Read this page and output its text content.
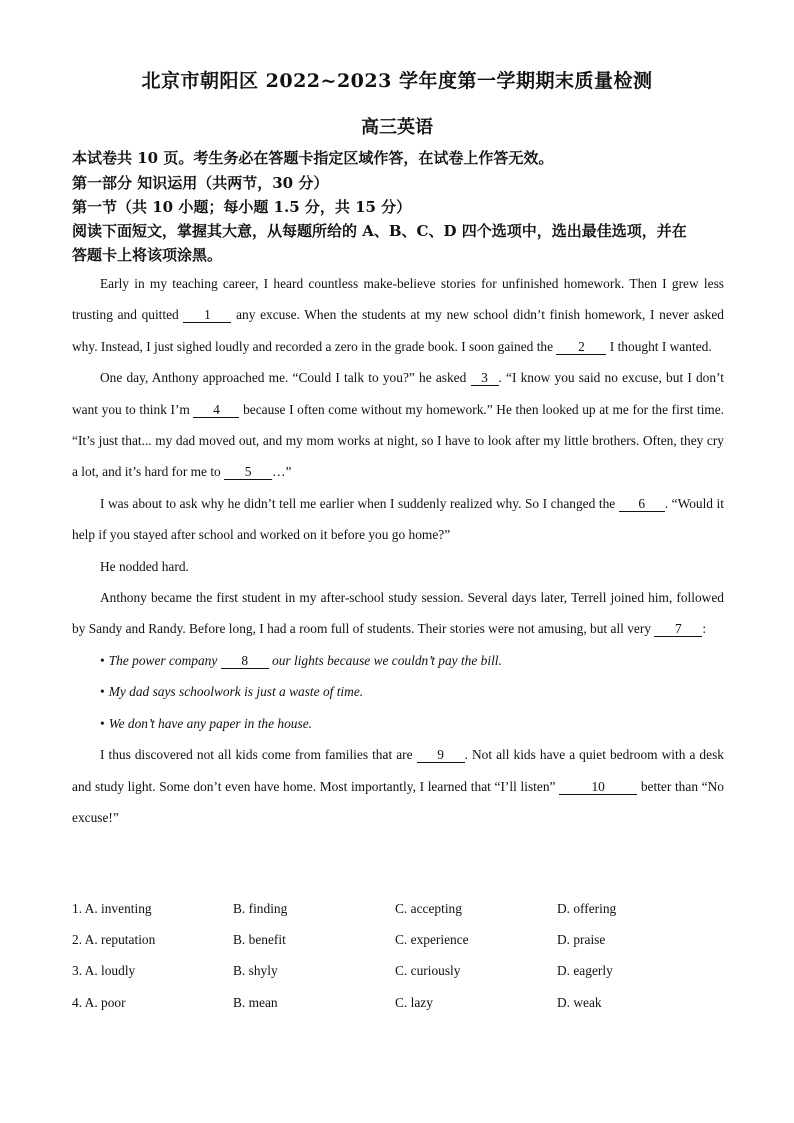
北京市朝阳区 2022~2023 学年度第一学期期末质量检测
高三英语
本试卷共 10 页。考生务必在答题卡指定区域作答，在试卷上作答无效。
第一部分 知识运用（共两节，30 分）
第一节（共 10 小题；每小题 1.5 分，共 15 分）
阅读下面短文，掌握其大意，从每题所给的 A、B、C、D 四个选项中，选出最佳选项，并在
答题卡上将该项涂黑。

Early in my teaching career, I heard countless make-believe stories for unfinished homework. Then I grew less trusting and quitted 1 any excuse. When the students at my new school didn’t finish homework, I never asked why. Instead, I just sighed loudly and recorded a zero in the grade book. I soon gained the 2 I thought I wanted.

One day, Anthony approached me. “Could I talk to you?” he asked 3 . “I know you said no excuse, but I don’t want you to think I’m 4 because I often come without my homework.” He then looked up at me for the first time. “It’s just that... my dad moved out, and my mom works at night, so I have to look after my little brothers. Often, they cry a lot, and it’s hard for me to 5 …”

I was about to ask why he didn’t tell me earlier when I suddenly realized why. So I changed the 6 . “Would it help if you stayed after school and worked on it before you go home?”

He nodded hard.

Anthony became the first student in my after-school study session. Several days later, Terrell joined him, followed by Sandy and Randy. Before long, I had a room full of students. Their stories were not amusing, but all very 7 :

• The power company 8 our lights because we couldn’t pay the bill.

• My dad says schoolwork is just a waste of time.

• We don’t have any paper in the house.

I thus discovered not all kids come from families that are 9 . Not all kids have a quiet bedroom with a desk and study light. Some don’t even have home. Most importantly, I learned that “I’ll listen”	10	better than “No excuse!”

1. A. inventing	B. finding	C. accepting	D. offering
2. A. reputation	B. benefit	C. experience	D. praise
3. A. loudly	B. shyly	C. curiously	D. eagerly
4. A. poor	B. mean	C. lazy	D. weak
